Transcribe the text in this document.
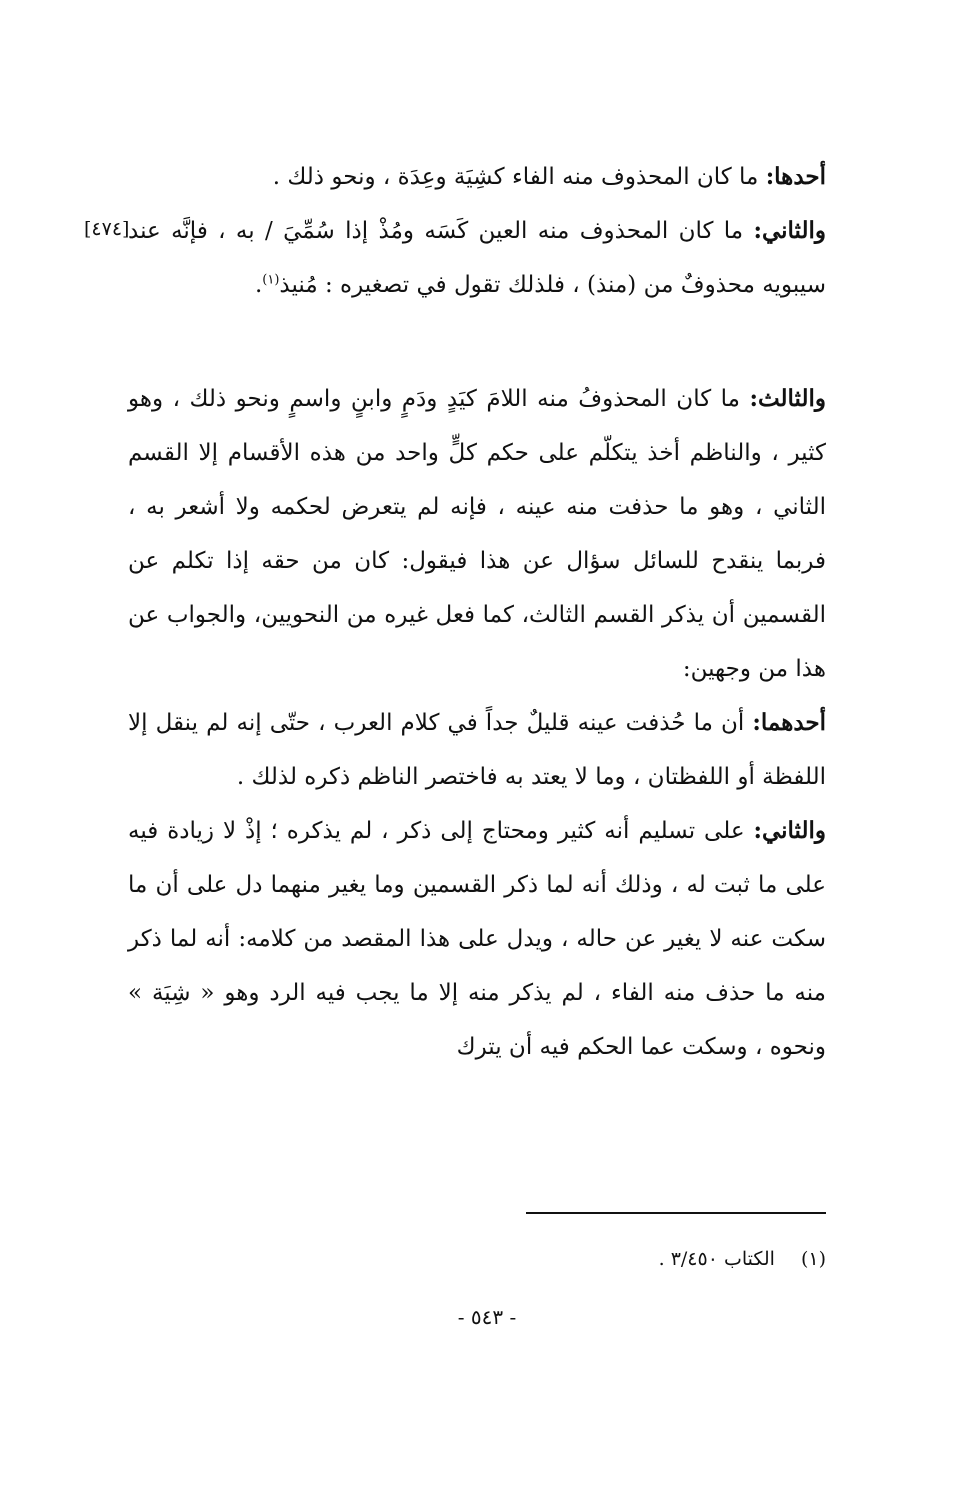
[٤٧٤]

أحدها: ما كان المحذوف منه الفاء كشِيَة وعِدَة ، ونحو ذلك .

والثاني: ما كان المحذوف منه العين كَسَه ومُذْ إذا سُمِّيَ / به ، فإنَّه عند سيبويه محذوفٌ من (منذ) ، فلذلك تقول في تصغيره : مُنيذ$^{(١)}$.

والثالث: ما كان المحذوفُ منه اللامَ كيَدٍ ودَمٍ وابنٍ واسمٍ ونحو ذلك ، وهو كثير ، والناظم أخذ يتكلّم على حكم كلٍّ واحد من هذه الأقسام إلا القسم الثاني ، وهو ما حذفت منه عينه ، فإنه لم يتعرض لحكمه ولا أشعر به ، فربما ينقدح للسائل سؤال عن هذا فيقول: كان من حقه إذا تكلم عن القسمين أن يذكر القسم الثالث، كما فعل غيره من النحويين، والجواب عن هذا من وجهين:

أحدهما: أن ما حُذفت عينه قليلٌ جداً في كلام العرب ، حتّى إنه لم ينقل إلا اللفظة أو اللفظتان ، وما لا يعتد به فاختصر الناظم ذكره لذلك .

والثاني: على تسليم أنه كثير ومحتاج إلى ذكر ، لم يذكره ؛ إذْ لا زيادة فيه على ما ثبت له ، وذلك أنه لما ذكر القسمين وما يغير منهما دل على أن ما سكت عنه لا يغير عن حاله ، ويدل على هذا المقصد من كلامه: أنه لما ذكر منه ما حذف منه الفاء ، لم يذكر منه إلا ما يجب فيه الرد وهو « شِيَة » ونحوه ، وسكت عما الحكم فيه أن يترك

(١)الكتاب ٣/٤٥٠ .
- ٥٤٣ -
